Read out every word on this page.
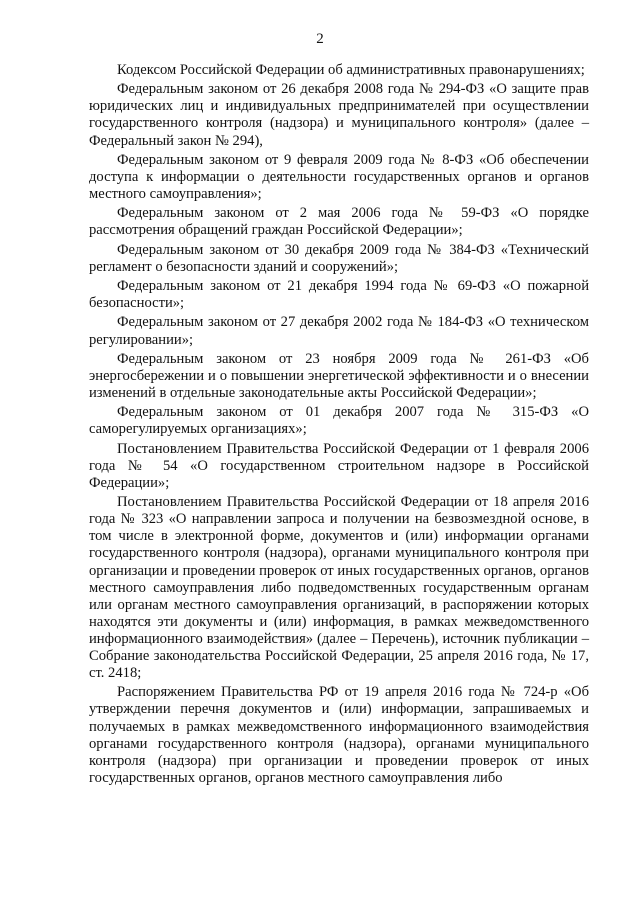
2

Кодексом Российской Федерации об административных правонарушениях;

Федеральным законом от 26 декабря 2008 года № 294-ФЗ «О защите прав юридических лиц и индивидуальных предпринимателей при осуществлении государственного контроля (надзора) и муниципального контроля» (далее – Федеральный закон № 294),

Федеральным законом от 9 февраля 2009 года № 8-ФЗ «Об обеспечении доступа к информации о деятельности государственных органов и органов местного самоуправления»;

Федеральным законом от 2 мая 2006 года № 59-ФЗ «О порядке рассмотрения обращений граждан Российской Федерации»;

Федеральным законом от 30 декабря 2009 года № 384-ФЗ «Технический регламент о безопасности зданий и сооружений»;

Федеральным законом от 21 декабря 1994 года № 69-ФЗ «О пожарной безопасности»;

Федеральным законом от 27 декабря 2002 года № 184-ФЗ «О техническом регулировании»;

Федеральным законом от 23 ноября 2009 года № 261-ФЗ «Об энергосбережении и о повышении энергетической эффективности и о внесении изменений в отдельные законодательные акты Российской Федерации»;

Федеральным законом от 01 декабря 2007 года № 315-ФЗ «О саморегулируемых организациях»;

Постановлением Правительства Российской Федерации от 1 февраля 2006 года № 54 «О государственном строительном надзоре в Российской Федерации»;

Постановлением Правительства Российской Федерации от 18 апреля 2016 года № 323 «О направлении запроса и получении на безвозмездной основе, в том числе в электронной форме, документов и (или) информации органами государственного контроля (надзора), органами муниципального контроля при организации и проведении проверок от иных государственных органов, органов местного самоуправления либо подведомственных государственным органам или органам местного самоуправления организаций, в распоряжении которых находятся эти документы и (или) информация, в рамках межведомственного информационного взаимодействия» (далее – Перечень), источник публикации – Собрание законодательства Российской Федерации, 25 апреля 2016 года, № 17, ст. 2418;

Распоряжением Правительства РФ от 19 апреля 2016 года № 724-р «Об утверждении перечня документов и (или) информации, запрашиваемых и получаемых в рамках межведомственного информационного взаимодействия органами государственного контроля (надзора), органами муниципального контроля (надзора) при организации и проведении проверок от иных государственных органов, органов местного самоуправления либо
